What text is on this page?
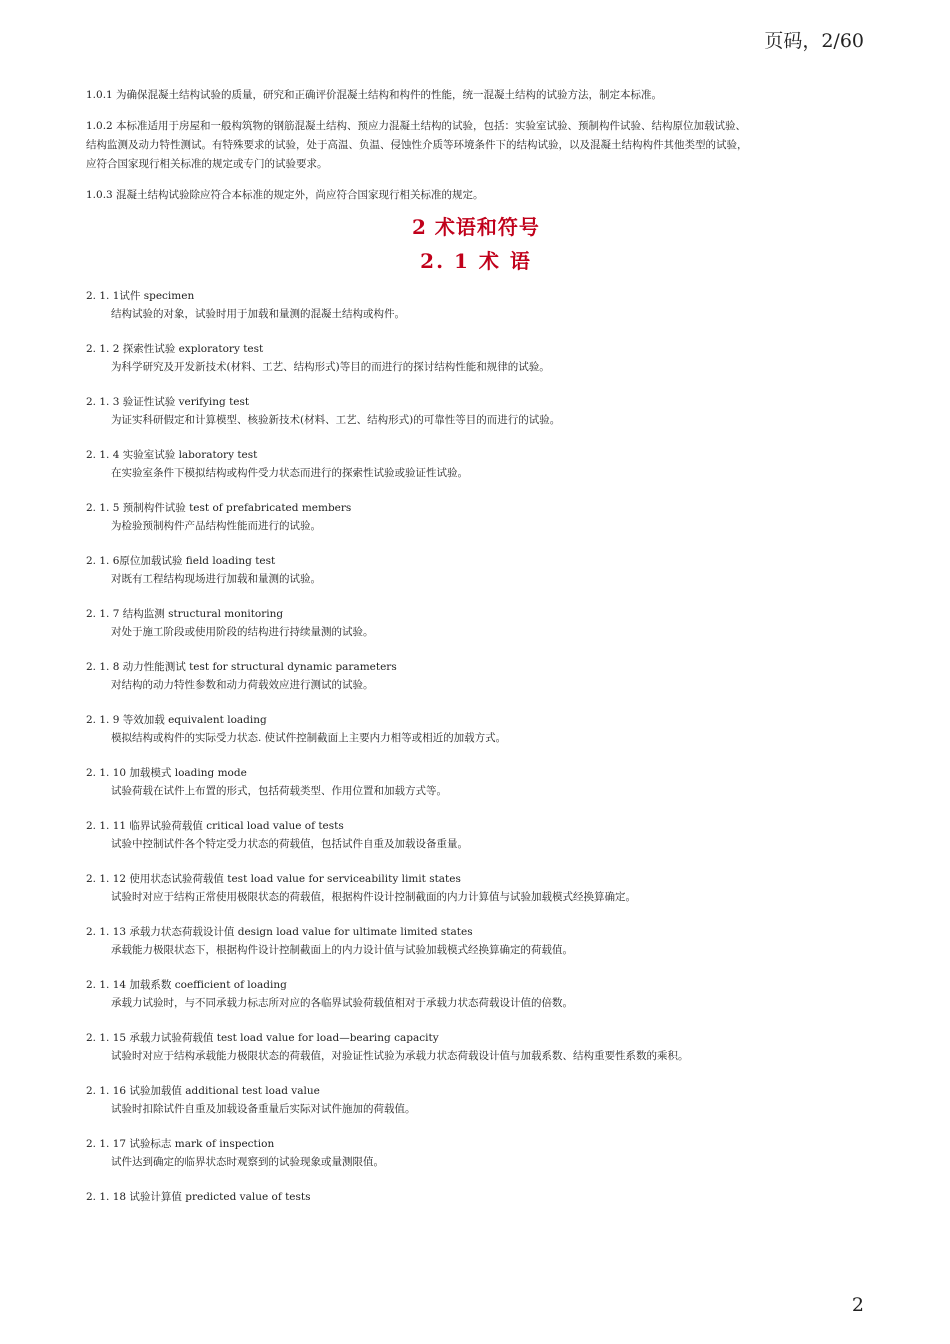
页码，2/60
1.0.1 为确保混凝土结构试验的质量，研究和正确评价混凝土结构和构件的性能，统一混凝土结构的试验方法，制定本标准。
1.0.2 本标准适用于房屋和一般构筑物的钢筋混凝土结构、预应力混凝土结构的试验，包括：实验室试验、预制构件试验、结构原位加载试验、
结构监测及动力特性测试。有特殊要求的试验，处于高温、负温、侵蚀性介质等环境条件下的结构试验，以及混凝土结构构件其他类型的试验，
应符合国家现行相关标准的规定或专门的试验要求。
1.0.3 混凝土结构试验除应符合本标准的规定外，尚应符合国家现行相关标准的规定。
2 术语和符号
2. 1 术 语
2. 1. 1试件 specimen
结构试验的对象，试验时用于加载和量测的混凝土结构或构件。
2. 1. 2 探索性试验 exploratory test
为科学研究及开发新技术(材料、工艺、结构形式)等目的而进行的探讨结构性能和规律的试验。
2. 1. 3 验证性试验 verifying test
为证实科研假定和计算模型、核验新技术(材料、工艺、结构形式)的可靠性等目的而进行的试验。
2. 1. 4 实验室试验 laboratory test
在实验室条件下模拟结构或构件受力状态而进行的探索性试验或验证性试验。
2. 1. 5 预制构件试验 test of prefabricated members
为检验预制构件产品结构性能而进行的试验。
2. 1. 6原位加载试验 field loading test
对既有工程结构现场进行加载和量测的试验。
2. 1. 7 结构监测 structural monitoring
对处于施工阶段或使用阶段的结构进行持续量测的试验。
2. 1. 8 动力性能测试 test for structural dynamic parameters
对结构的动力特性参数和动力荷载效应进行测试的试验。
2. 1. 9 等效加载 equivalent loading
模拟结构或构件的实际受力状态. 使试件控制截面上主要内力相等或相近的加载方式。
2. 1. 10 加载模式 loading mode
试验荷载在试件上布置的形式，包括荷载类型、作用位置和加载方式等。
2. 1. 11 临界试验荷载值 critical load value of tests
试验中控制试件各个特定受力状态的荷载值，包括试件自重及加载设备重量。
2. 1. 12 使用状态试验荷载值 test load value for serviceability limit states
试验时对应于结构正常使用极限状态的荷载值，根据构件设计控制截面的内力计算值与试验加载模式经换算确定。
2. 1. 13 承载力状态荷载设计值 design load value for ultimate limited states
承载能力极限状态下，根据构件设计控制截面上的内力设计值与试验加载模式经换算确定的荷载值。
2. 1. 14 加载系数 coefficient of loading
承载力试验时，与不同承载力标志所对应的各临界试验荷载值相对于承载力状态荷载设计值的倍数。
2. 1. 15 承载力试验荷载值 test load value for load—bearing capacity
试验时对应于结构承载能力极限状态的荷载值，对验证性试验为承载力状态荷载设计值与加载系数、结构重要性系数的乘积。
2. 1. 16 试验加载值 additional test load value
试验时扣除试件自重及加载设备重量后实际对试件施加的荷载值。
2. 1. 17 试验标志 mark of inspection
试件达到确定的临界状态时观察到的试验现象或量测限值。
2. 1. 18 试验计算值 predicted value of tests
2
